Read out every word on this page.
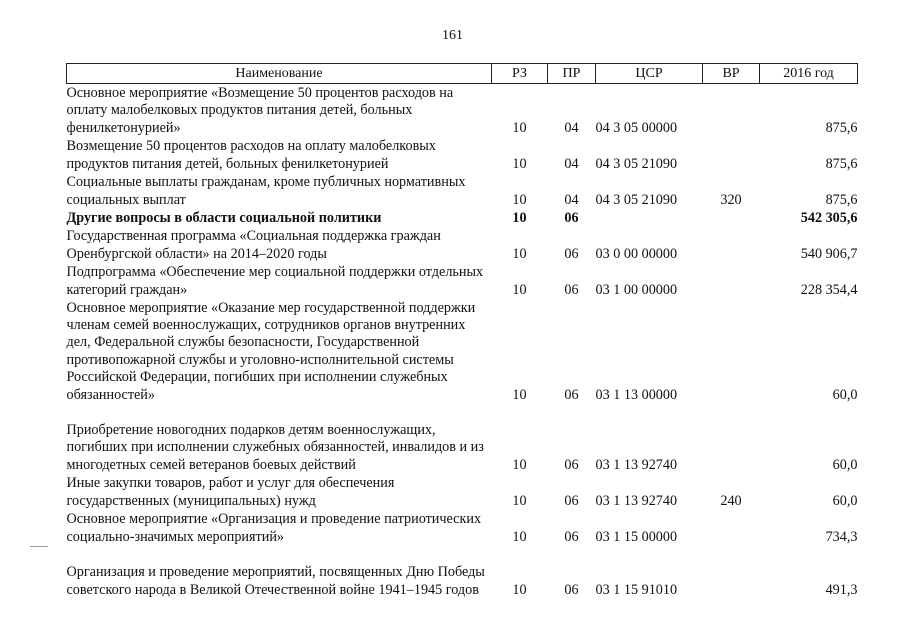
161
Наименование	РЗ	ПР	ЦСР	ВР	2016 год
Основное мероприятие «Возмещение 50 процентов расходов на оплату малобелковых продуктов питания детей, больных фенилкетонурией»	10	04	04 3 05 00000		875,6
Возмещение 50 процентов расходов на оплату малобелковых продуктов питания детей, больных фенилкетонурией	10	04	04 3 05 21090		875,6
Социальные выплаты гражданам, кроме публичных нормативных социальных выплат	10	04	04 3 05 21090	320	875,6
Другие вопросы в области социальной политики	10	06			542 305,6
Государственная программа «Социальная поддержка граждан Оренбургской области» на 2014–2020 годы	10	06	03 0 00 00000		540 906,7
Подпрограмма «Обеспечение мер социальной поддержки отдельных категорий граждан»	10	06	03 1 00 00000		228 354,4
Основное мероприятие «Оказание мер государственной поддержки членам семей военнослужащих, сотрудников органов внутренних дел, Федеральной службы безопасности, Государственной противопожарной службы и уголовно-исполнительной системы Российской Федерации, погибших при исполнении служебных обязанностей»	10	06	03 1 13 00000		60,0
Приобретение новогодних подарков детям военнослужащих, погибших при исполнении служебных обязанностей, инвалидов и из многодетных семей ветеранов боевых действий	10	06	03 1 13 92740		60,0
Иные закупки товаров, работ и услуг для обеспечения государственных (муниципальных) нужд	10	06	03 1 13 92740	240	60,0
Основное мероприятие «Организация и проведение патриотических социально-значимых мероприятий»	10	06	03 1 15 00000		734,3
Организация и проведение мероприятий, посвященных Дню Победы советского народа в Великой Отечественной войне 1941–1945 годов	10	06	03 1 15 91010		491,3
